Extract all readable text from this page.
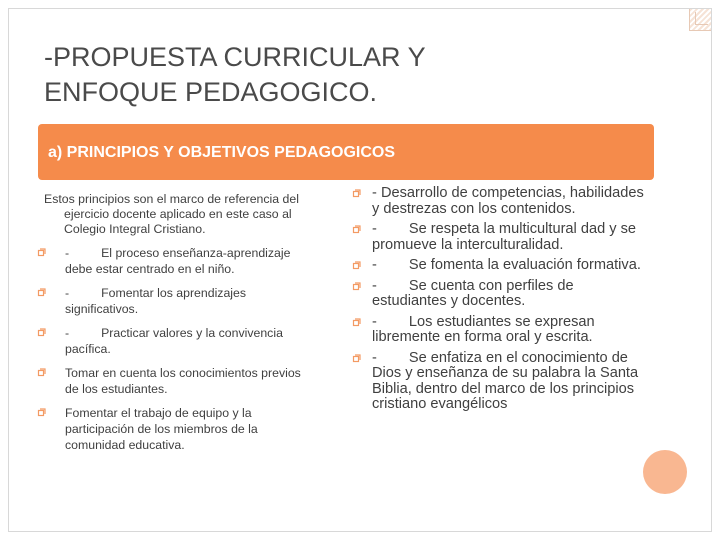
-PROPUESTA CURRICULAR Y
ENFOQUE PEDAGOGICO.
a) PRINCIPIOS Y OBJETIVOS PEDAGOGICOS

Estos principios son el marco de referencia del ejercicio docente aplicado en este caso al Colegio Integral Cristiano.

-	El proceso enseñanza-aprendizaje debe estar centrado en el niño.
-	Fomentar los aprendizajes significativos.
-	Practicar valores y la convivencia pacífica.
Tomar en cuenta los conocimientos previos de los estudiantes.
Fomentar el trabajo de equipo y la participación de los miembros de la comunidad educativa.
- Desarrollo de competencias, habilidades y destrezas con los contenidos.
- Se respeta la multicultural dad y se promueve la interculturalidad.
- Se fomenta la evaluación formativa.
- Se cuenta con perfiles de estudiantes y docentes.
- Los estudiantes se expresan libremente en forma oral y escrita.
- Se enfatiza en el conocimiento de Dios y enseñanza de su palabra la Santa Biblia, dentro del marco de los principios cristiano evangélicos
